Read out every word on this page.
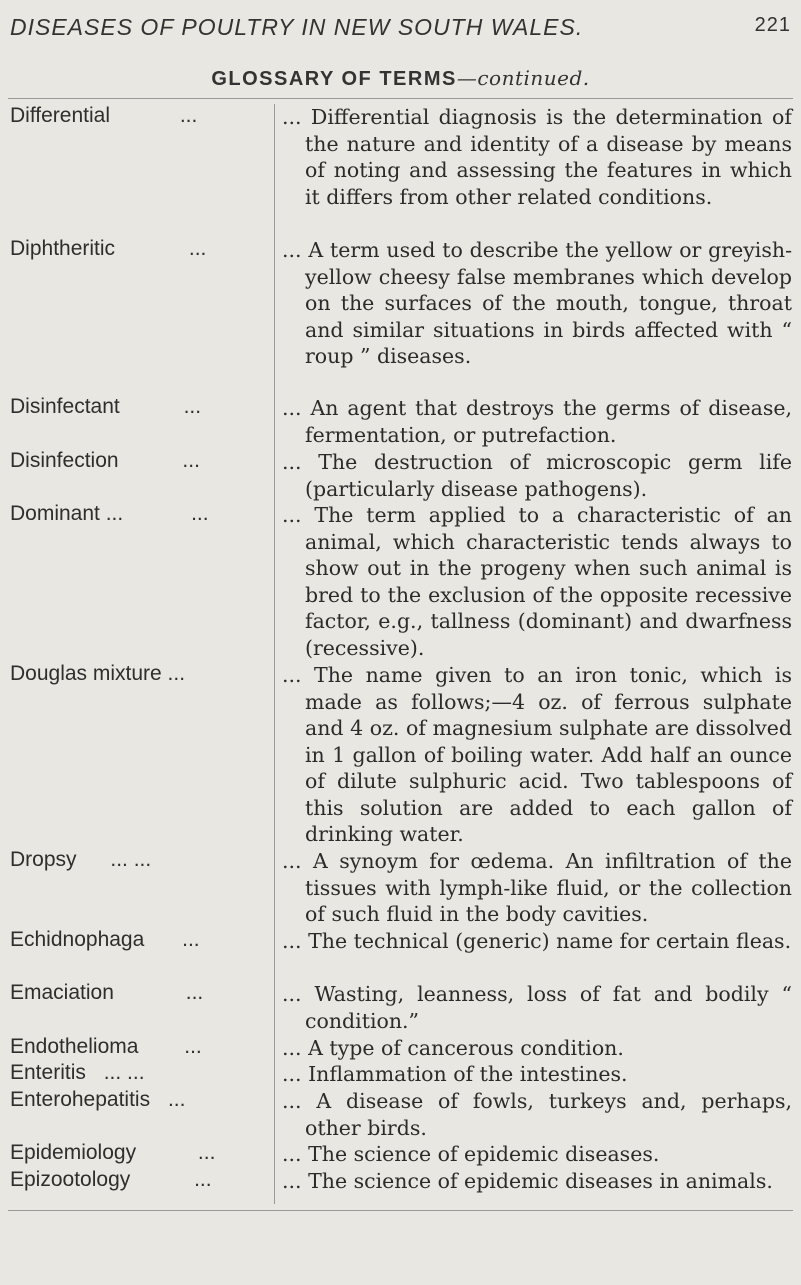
DISEASES OF POULTRY IN NEW SOUTH WALES.	221
GLOSSARY OF TERMS—continued.
Differential	...	... Differential diagnosis is the determination of the nature and identity of a disease by means of noting and assessing the features in which it differs from other related conditions.
Diphtheritic	...	... A term used to describe the yellow or greyish-yellow cheesy false membranes which develop on the surfaces of the mouth, tongue, throat and similar situations in birds affected with “ roup ” diseases.
Disinfectant	...	... An agent that destroys the germs of disease, fermentation, or putrefaction.
Disinfection	...	... The destruction of microscopic germ life (particularly disease pathogens).
Dominant ...	...	... The term applied to a characteristic of an animal, which characteristic tends always to show out in the progeny when such animal is bred to the exclusion of the opposite recessive factor, e.g., tallness (dominant) and dwarfness (recessive).
Douglas mixture ...	... The name given to an iron tonic, which is made as follows;—4 oz. of ferrous sulphate and 4 oz. of magnesium sulphate are dissolved in 1 gallon of boiling water. Add half an ounce of dilute sulphuric acid. Two tablespoons of this solution are added to each gallon of drinking water.
Dropsy ... ...	... A synoym for œdema. An infiltration of the tissues with lymph-like fluid, or the collection of such fluid in the body cavities.
Echidnophaga ...	... The technical (generic) name for certain fleas.
Emaciation	...	... Wasting, leanness, loss of fat and bodily “ condition.”
Endothelioma ...	... A type of cancerous condition.
Enteritis ... ...	... Inflammation of the intestines.
Enterohepatitis ...	... A disease of fowls, turkeys and, perhaps, other birds.
Epidemiology	...	... The science of epidemic diseases.
Epizootology	...	... The science of epidemic diseases in animals.
